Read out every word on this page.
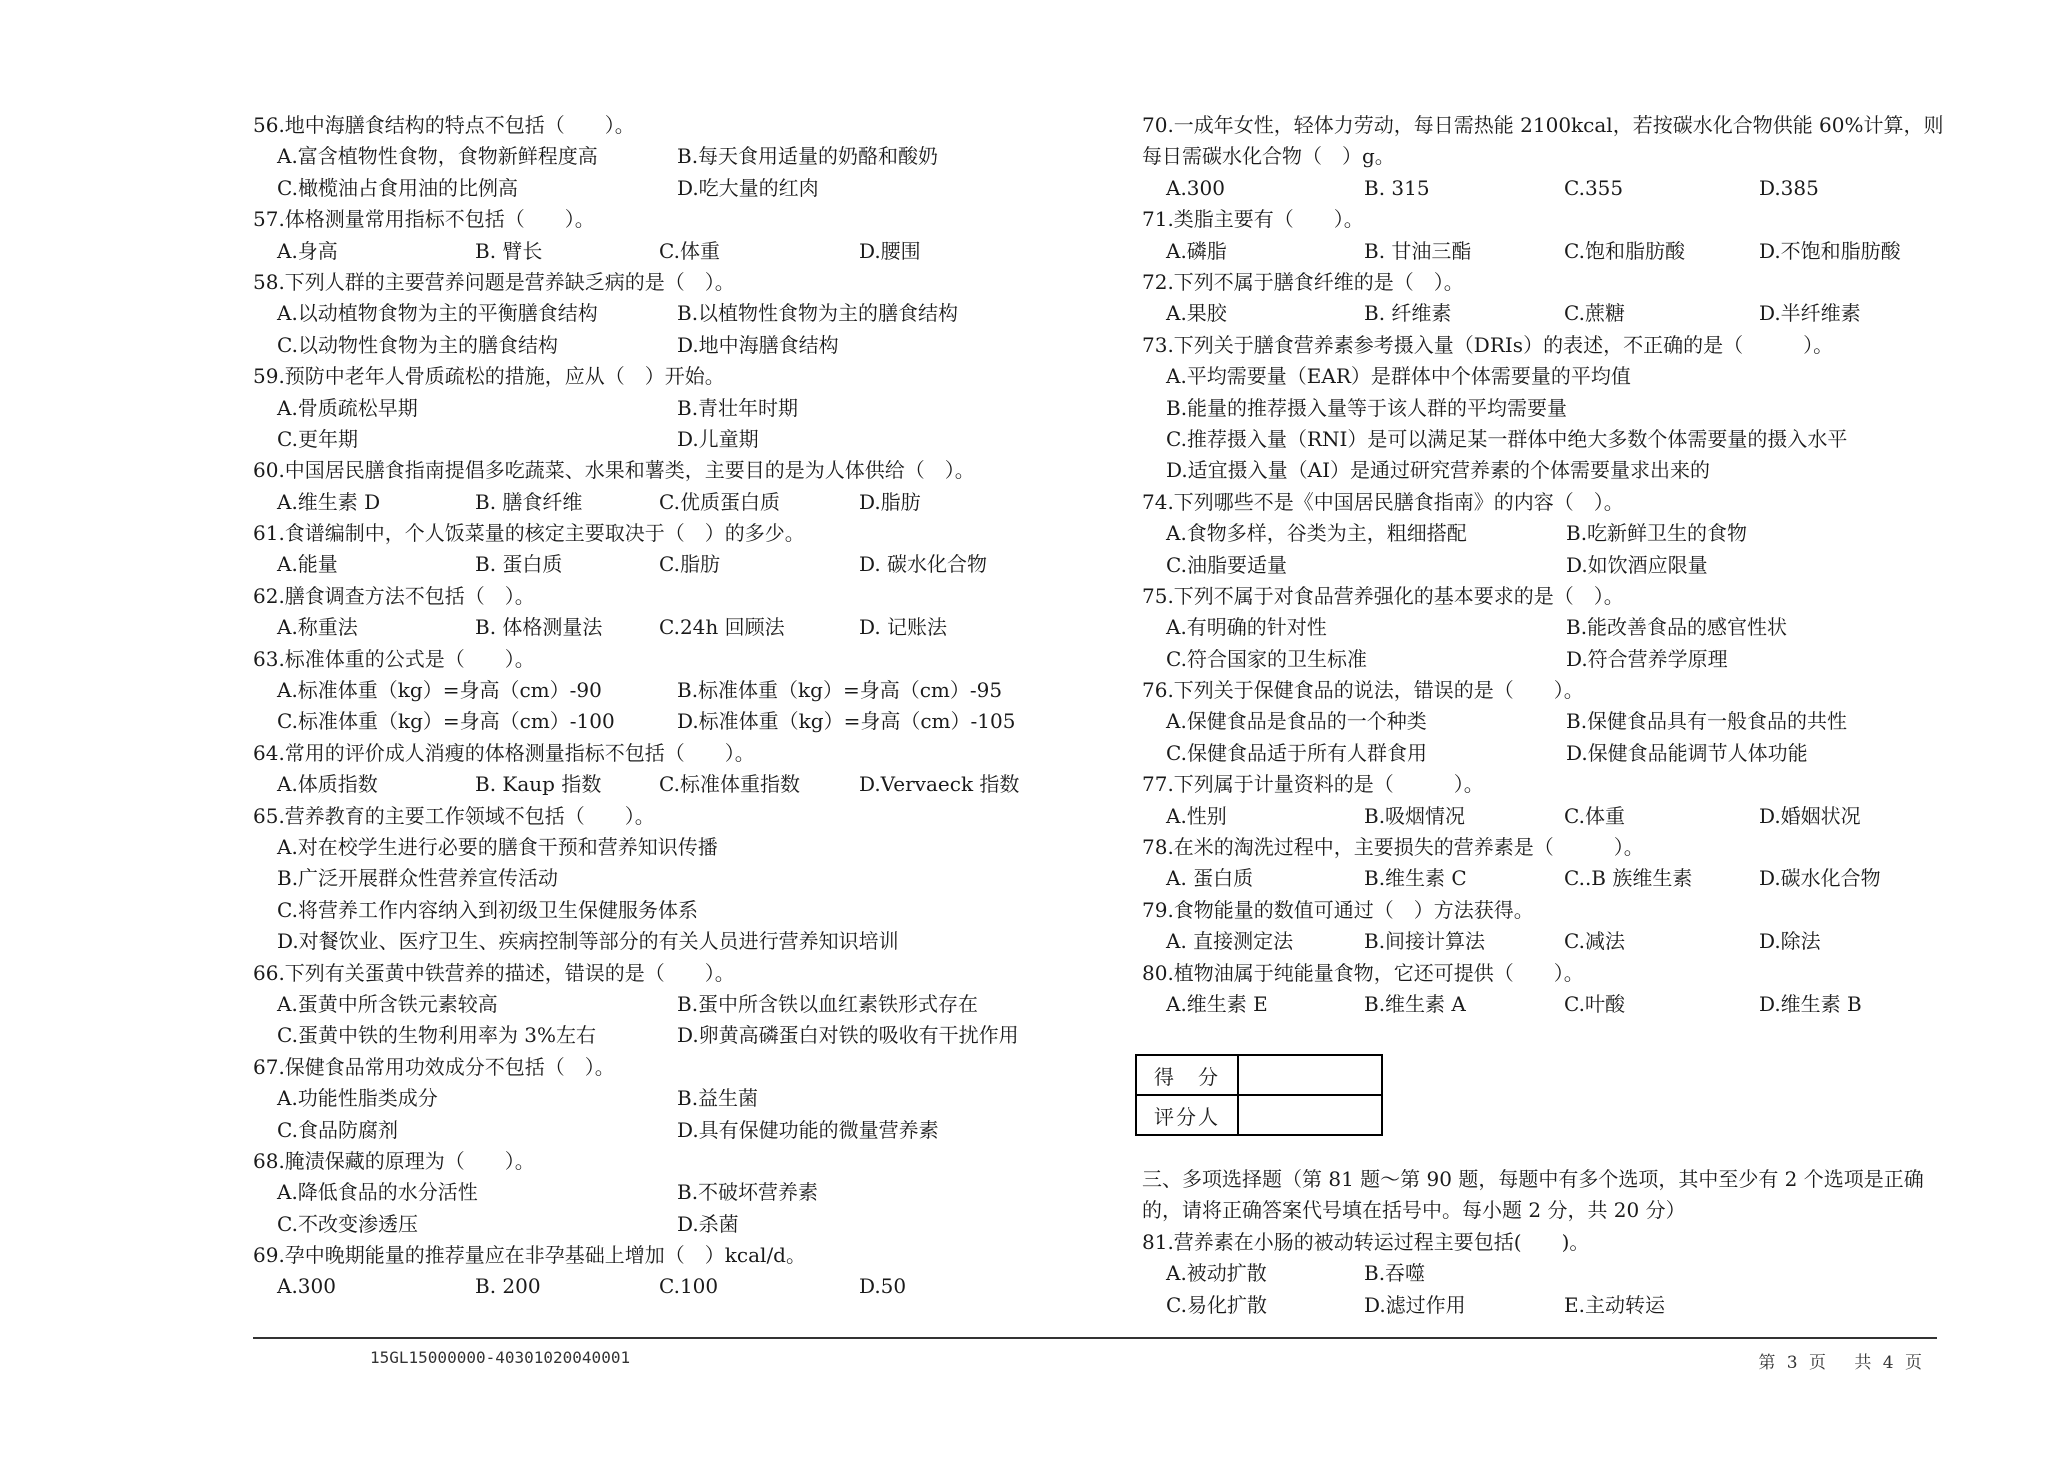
56.地中海膳食结构的特点不包括（　　）。
A.富含植物性食物，食物新鲜程度高	B.每天食用适量的奶酪和酸奶
C.橄榄油占食用油的比例高	D.吃大量的红肉
57.体格测量常用指标不包括（　　）。
A.身高	B. 臂长	C.体重	D.腰围
58.下列人群的主要营养问题是营养缺乏病的是（　）。
A.以动植物食物为主的平衡膳食结构	B.以植物性食物为主的膳食结构
C.以动物性食物为主的膳食结构	D.地中海膳食结构
59.预防中老年人骨质疏松的措施，应从（　）开始。
A.骨质疏松早期	B.青壮年时期
C.更年期	D.儿童期
60.中国居民膳食指南提倡多吃蔬菜、水果和薯类，主要目的是为人体供给（　）。
A.维生素 D	B. 膳食纤维	C.优质蛋白质	D.脂肪
61.食谱编制中，个人饭菜量的核定主要取决于（　）的多少。
A.能量	B. 蛋白质	C.脂肪	D. 碳水化合物
62.膳食调查方法不包括（　）。
A.称重法	B. 体格测量法	C.24h 回顾法	D. 记账法
63.标准体重的公式是（　　）。
A.标准体重（kg）=身高（cm）-90	B.标准体重（kg）=身高（cm）-95
C.标准体重（kg）=身高（cm）-100	D.标准体重（kg）=身高（cm）-105
64.常用的评价成人消瘦的体格测量指标不包括（　　）。
A.体质指数	B. Kaup 指数	C.标准体重指数	D.Vervaeck 指数
65.营养教育的主要工作领域不包括（　　）。
A.对在校学生进行必要的膳食干预和营养知识传播
B.广泛开展群众性营养宣传活动
C.将营养工作内容纳入到初级卫生保健服务体系
D.对餐饮业、医疗卫生、疾病控制等部分的有关人员进行营养知识培训
66.下列有关蛋黄中铁营养的描述，错误的是（　　）。
A.蛋黄中所含铁元素较高	B.蛋中所含铁以血红素铁形式存在
C.蛋黄中铁的生物利用率为 3%左右	D.卵黄高磷蛋白对铁的吸收有干扰作用
67.保健食品常用功效成分不包括（　）。
A.功能性脂类成分	B.益生菌
C.食品防腐剂	D.具有保健功能的微量营养素
68.腌渍保藏的原理为（　　）。
A.降低食品的水分活性	B.不破坏营养素
C.不改变渗透压	D.杀菌
69.孕中晚期能量的推荐量应在非孕基础上增加（　）kcal/d。
A.300	B. 200	C.100	D.50
70.一成年女性，轻体力劳动，每日需热能 2100kcal，若按碳水化合物供能 60%计算，则每日需碳水化合物（　）g。
A.300	B. 315	C.355	D.385
71.类脂主要有（　　）。
A.磷脂	B. 甘油三酯	C.饱和脂肪酸	D.不饱和脂肪酸
72.下列不属于膳食纤维的是（　）。
A.果胶	B. 纤维素	C.蔗糖	D.半纤维素
73.下列关于膳食营养素参考摄入量（DRIs）的表述，不正确的是（　　　）。
A.平均需要量（EAR）是群体中个体需要量的平均值
B.能量的推荐摄入量等于该人群的平均需要量
C.推荐摄入量（RNI）是可以满足某一群体中绝大多数个体需要量的摄入水平
D.适宜摄入量（AI）是通过研究营养素的个体需要量求出来的
74.下列哪些不是《中国居民膳食指南》的内容（　）。
A.食物多样，谷类为主，粗细搭配	B.吃新鲜卫生的食物
C.油脂要适量	D.如饮酒应限量
75.下列不属于对食品营养强化的基本要求的是（　）。
A.有明确的针对性	B.能改善食品的感官性状
C.符合国家的卫生标准	D.符合营养学原理
76.下列关于保健食品的说法，错误的是（　　）。
A.保健食品是食品的一个种类	B.保健食品具有一般食品的共性
C.保健食品适于所有人群食用	D.保健食品能调节人体功能
77.下列属于计量资料的是（　　　）。
A.性别	B.吸烟情况	C.体重	D.婚姻状况
78.在米的淘洗过程中，主要损失的营养素是（　　　）。
A. 蛋白质	B.维生素 C	C..B 族维生素	D.碳水化合物
79.食物能量的数值可通过（　）方法获得。
A. 直接测定法	B.间接计算法	C.减法	D.除法
80.植物油属于纯能量食物，它还可提供（　　）。
A.维生素 E	B.维生素 A	C.叶酸	D.维生素 B
得　分	
评分人	
三、多项选择题（第 81 题～第 90 题，每题中有多个选项，其中至少有 2 个选项是正确的，请将正确答案代号填在括号中。每小题 2 分，共 20 分）
81.营养素在小肠的被动转运过程主要包括(　　)。
A.被动扩散	B.吞噬
C.易化扩散	D.滤过作用	E.主动转运
15GL15000000-40301020040001	第 3 页　 共 4 页
